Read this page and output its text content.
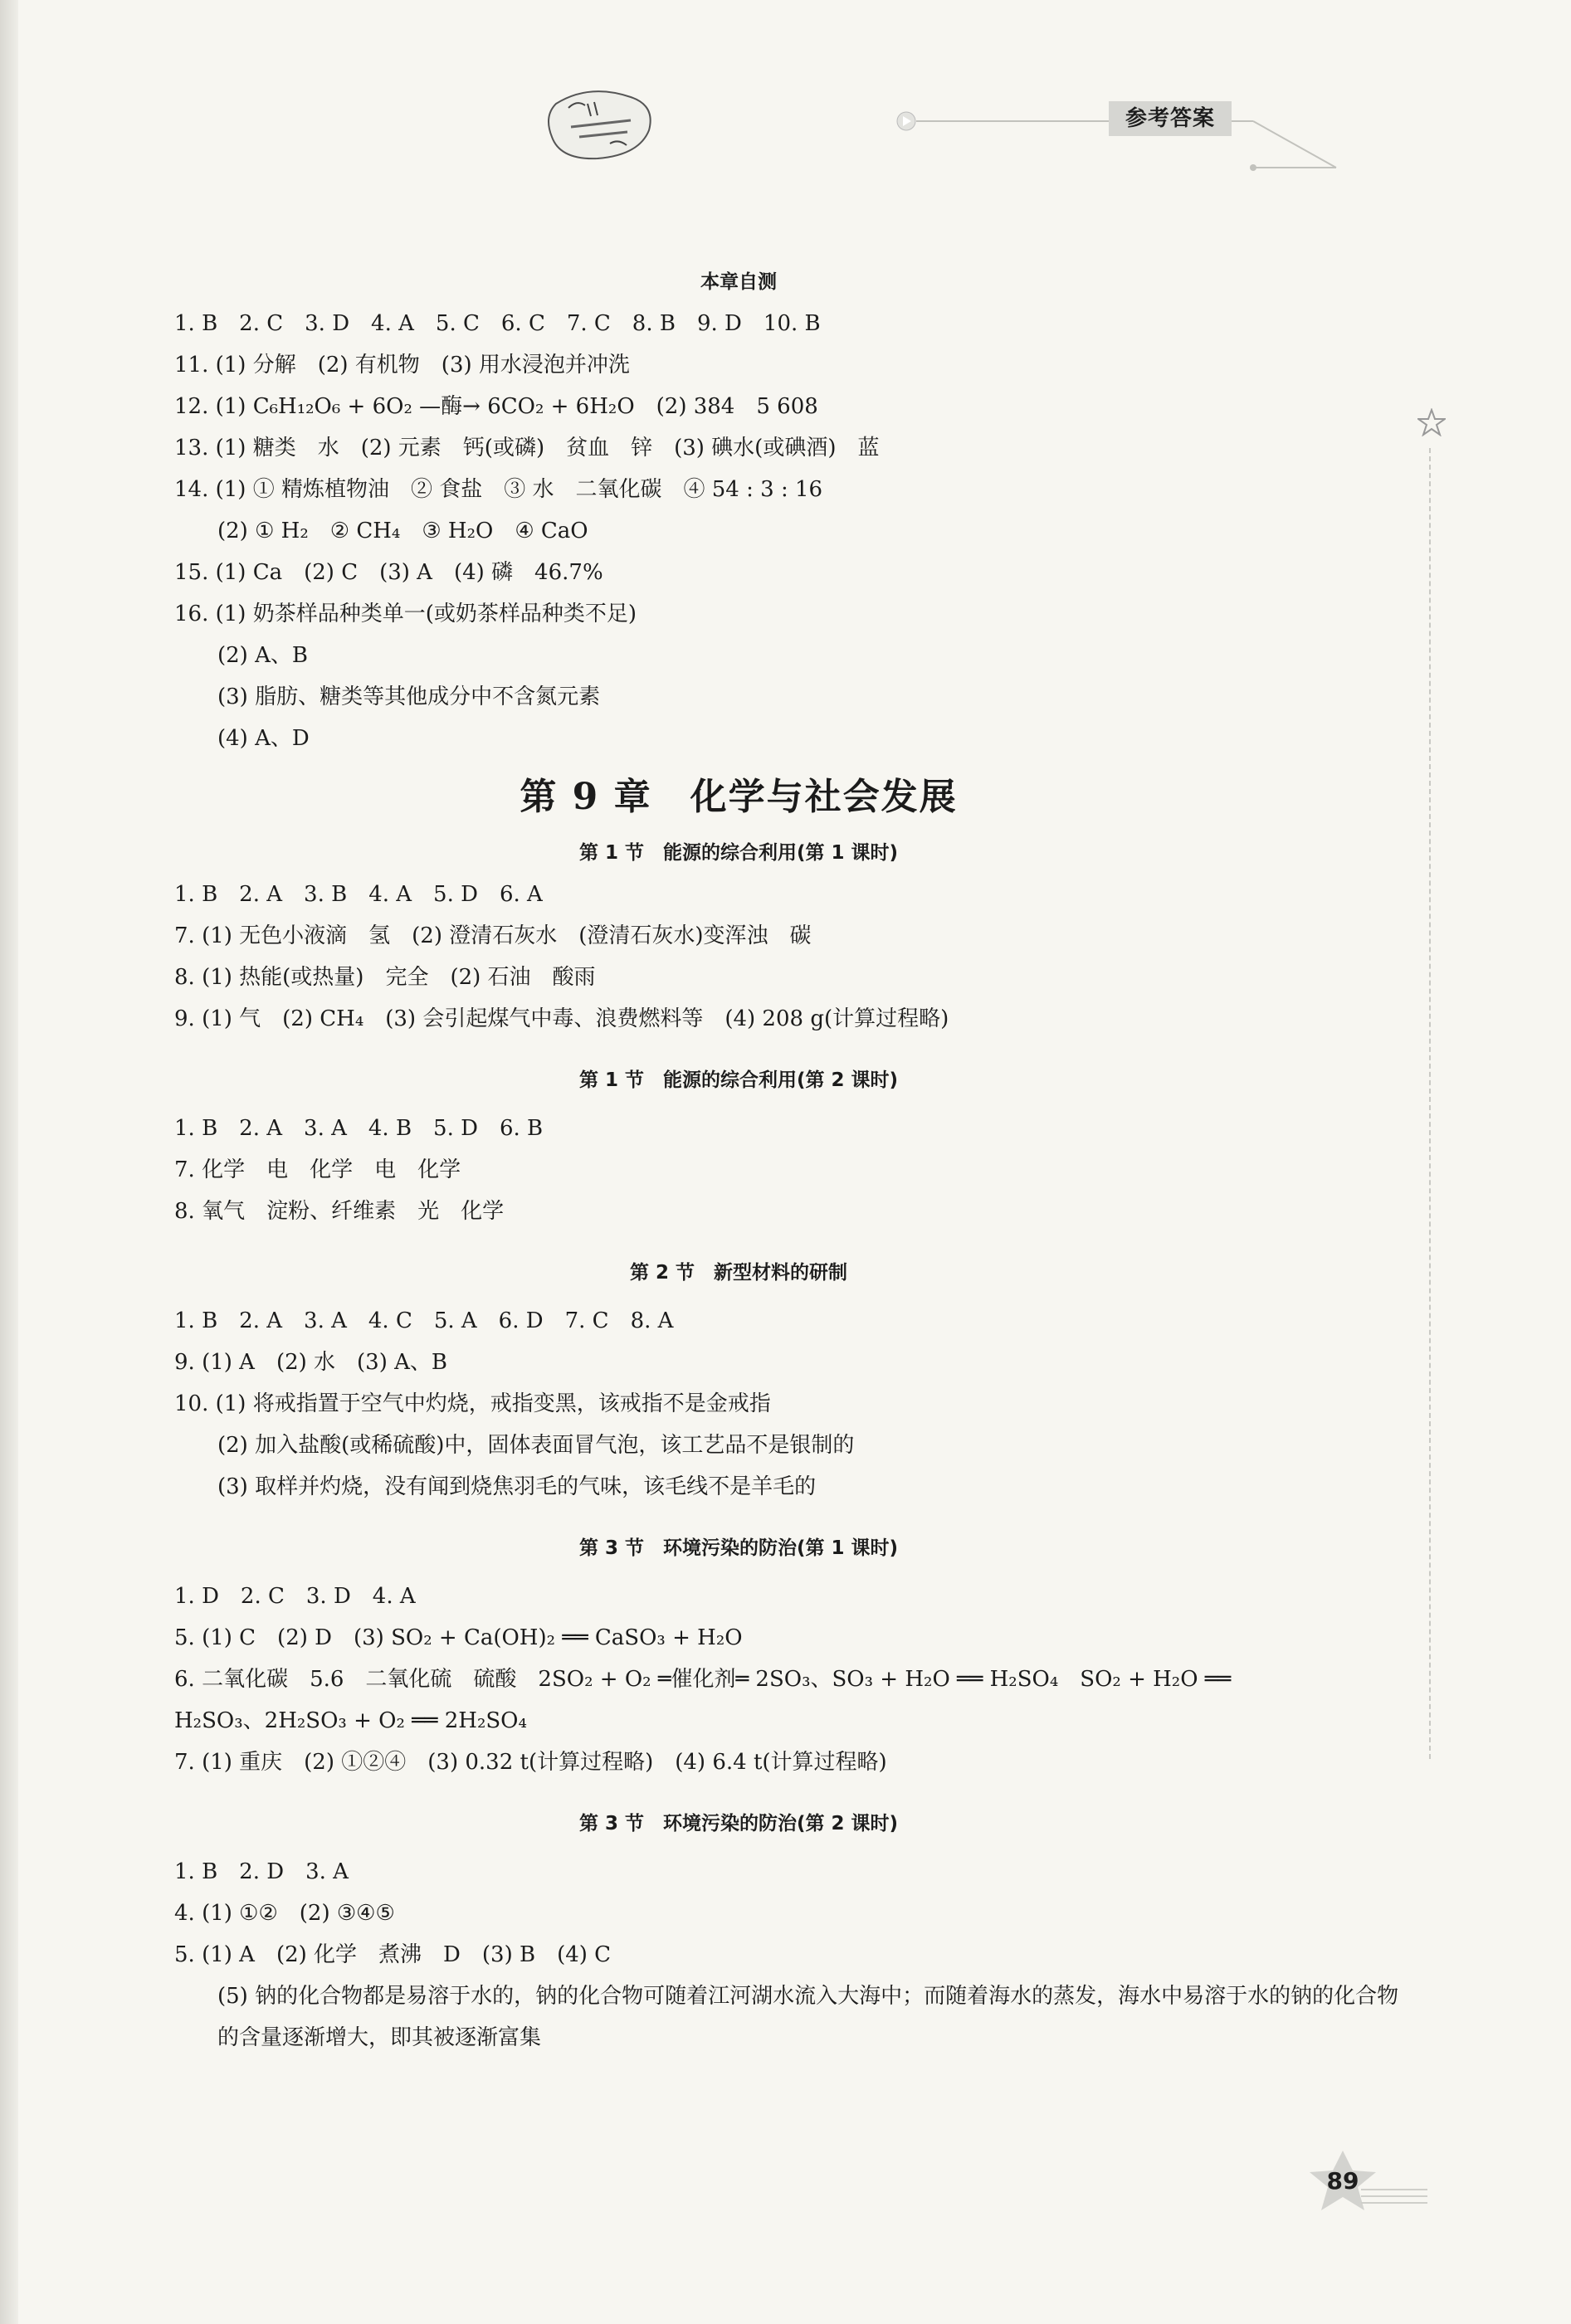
参考答案
本章自测
1. B　2. C　3. D　4. A　5. C　6. C　7. C　8. B　9. D　10. B
11. (1) 分解　(2) 有机物　(3) 用水浸泡并冲洗
12. (1) C₆H₁₂O₆ + 6O₂ —酶→ 6CO₂ + 6H₂O　(2) 384　5 608
13. (1) 糖类　水　(2) 元素　钙(或磷)　贫血　锌　(3) 碘水(或碘酒)　蓝
14. (1) ① 精炼植物油　② 食盐　③ 水　二氧化碳　④ 54 : 3 : 16
(2) ① H₂　② CH₄　③ H₂O　④ CaO
15. (1) Ca　(2) C　(3) A　(4) 磷　46.7%
16. (1) 奶茶样品种类单一(或奶茶样品种类不足)
(2) A、B
(3) 脂肪、糖类等其他成分中不含氮元素
(4) A、D
第 9 章　化学与社会发展
第 1 节　能源的综合利用(第 1 课时)
1. B　2. A　3. B　4. A　5. D　6. A
7. (1) 无色小液滴　氢　(2) 澄清石灰水　(澄清石灰水)变浑浊　碳
8. (1) 热能(或热量)　完全　(2) 石油　酸雨
9. (1) 气　(2) CH₄　(3) 会引起煤气中毒、浪费燃料等　(4) 208 g(计算过程略)
第 1 节　能源的综合利用(第 2 课时)
1. B　2. A　3. A　4. B　5. D　6. B
7. 化学　电　化学　电　化学
8. 氧气　淀粉、纤维素　光　化学
第 2 节　新型材料的研制
1. B　2. A　3. A　4. C　5. A　6. D　7. C　8. A
9. (1) A　(2) 水　(3) A、B
10. (1) 将戒指置于空气中灼烧，戒指变黑，该戒指不是金戒指
(2) 加入盐酸(或稀硫酸)中，固体表面冒气泡，该工艺品不是银制的
(3) 取样并灼烧，没有闻到烧焦羽毛的气味，该毛线不是羊毛的
第 3 节　环境污染的防治(第 1 课时)
1. D　2. C　3. D　4. A
5. (1) C　(2) D　(3) SO₂ + Ca(OH)₂ ══ CaSO₃ + H₂O
6. 二氧化碳　5.6　二氧化硫　硫酸　2SO₂ + O₂ ═催化剂═ 2SO₃、SO₃ + H₂O ══ H₂SO₄　SO₂ + H₂O ══
H₂SO₃、2H₂SO₃ + O₂ ══ 2H₂SO₄
7. (1) 重庆　(2) ①②④　(3) 0.32 t(计算过程略)　(4) 6.4 t(计算过程略)
第 3 节　环境污染的防治(第 2 课时)
1. B　2. D　3. A
4. (1) ①②　(2) ③④⑤
5. (1) A　(2) 化学　煮沸　D　(3) B　(4) C
(5) 钠的化合物都是易溶于水的，钠的化合物可随着江河湖水流入大海中；而随着海水的蒸发，海水中易溶于水的钠的化合物的含量逐渐增大，即其被逐渐富集
89
